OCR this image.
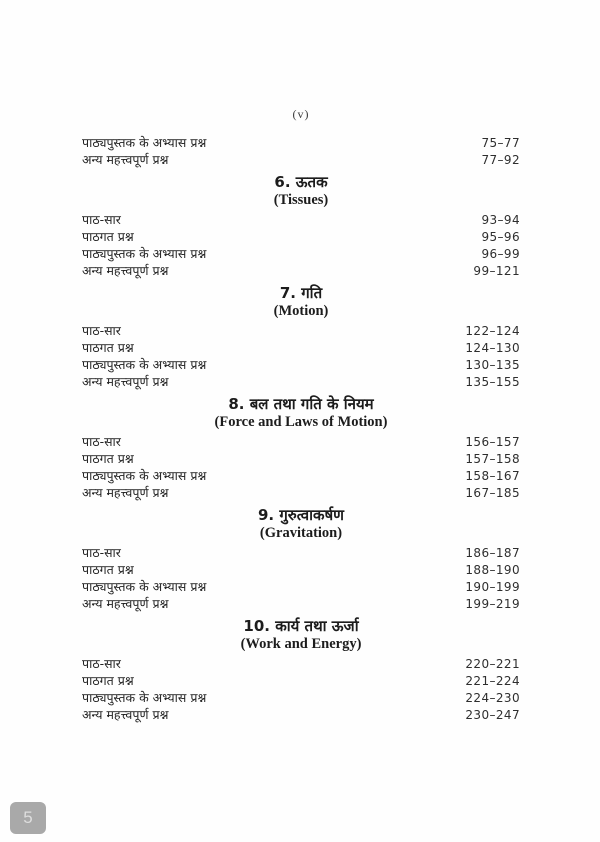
(v)
पाठ्यपुस्तक के अभ्यास प्रश्न	75–77
अन्य महत्त्वपूर्ण प्रश्न	77–92
6. ऊतक
(Tissues)
पाठ-सार	93–94
पाठगत प्रश्न	95–96
पाठ्यपुस्तक के अभ्यास प्रश्न	96–99
अन्य महत्त्वपूर्ण प्रश्न	99–121
7. गति
(Motion)
पाठ-सार	122–124
पाठगत प्रश्न	124–130
पाठ्यपुस्तक के अभ्यास प्रश्न	130–135
अन्य महत्त्वपूर्ण प्रश्न	135–155
8. बल तथा गति के नियम
(Force and Laws of Motion)
पाठ-सार	156–157
पाठगत प्रश्न	157–158
पाठ्यपुस्तक के अभ्यास प्रश्न	158–167
अन्य महत्त्वपूर्ण प्रश्न	167–185
9. गुरुत्वाकर्षण
(Gravitation)
पाठ-सार	186–187
पाठगत प्रश्न	188–190
पाठ्यपुस्तक के अभ्यास प्रश्न	190–199
अन्य महत्त्वपूर्ण प्रश्न	199–219
10. कार्य तथा ऊर्जा
(Work and Energy)
पाठ-सार	220–221
पाठगत प्रश्न	221–224
पाठ्यपुस्तक के अभ्यास प्रश्न	224–230
अन्य महत्त्वपूर्ण प्रश्न	230–247
5
